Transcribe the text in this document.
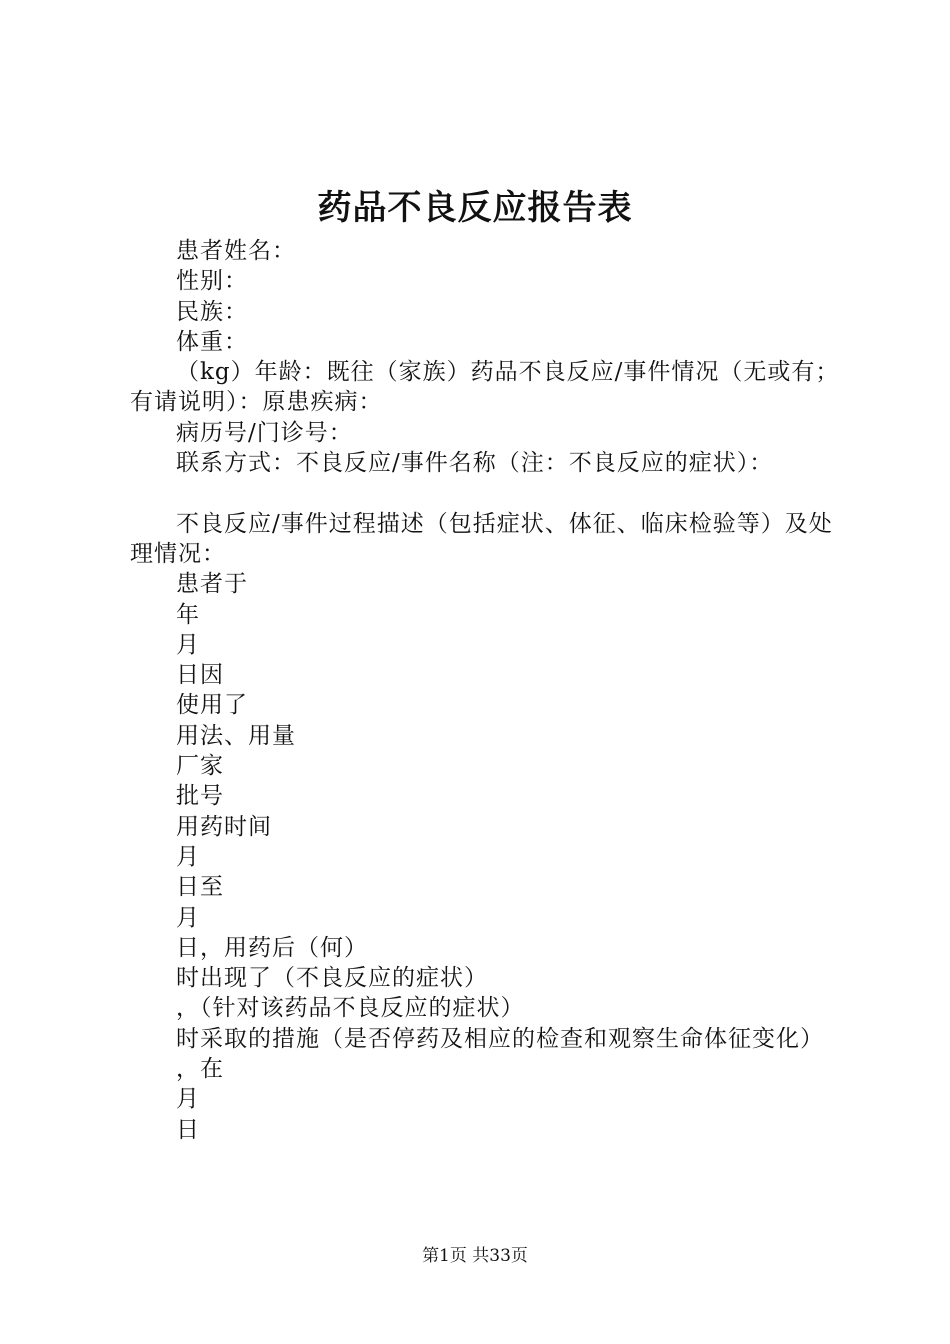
药品不良反应报告表

患者姓名：

性别：

民族：

体重：

（kg）年龄：既往（家族）药品不良反应/事件情况（无或有；有请说明）：原患疾病：

病历号/门诊号：

联系方式：不良反应/事件名称（注：不良反应的症状）：

不良反应/事件过程描述（包括症状、体征、临床检验等）及处理情况：

患者于

年

月

日因

使用了

用法、用量

厂家

批号

用药时间

月

日至

月

日，用药后（何）

时出现了（不良反应的症状）

，（针对该药品不良反应的症状）

时采取的措施（是否停药及相应的检查和观察生命体征变化）

，在

月

日

第1页 共33页
